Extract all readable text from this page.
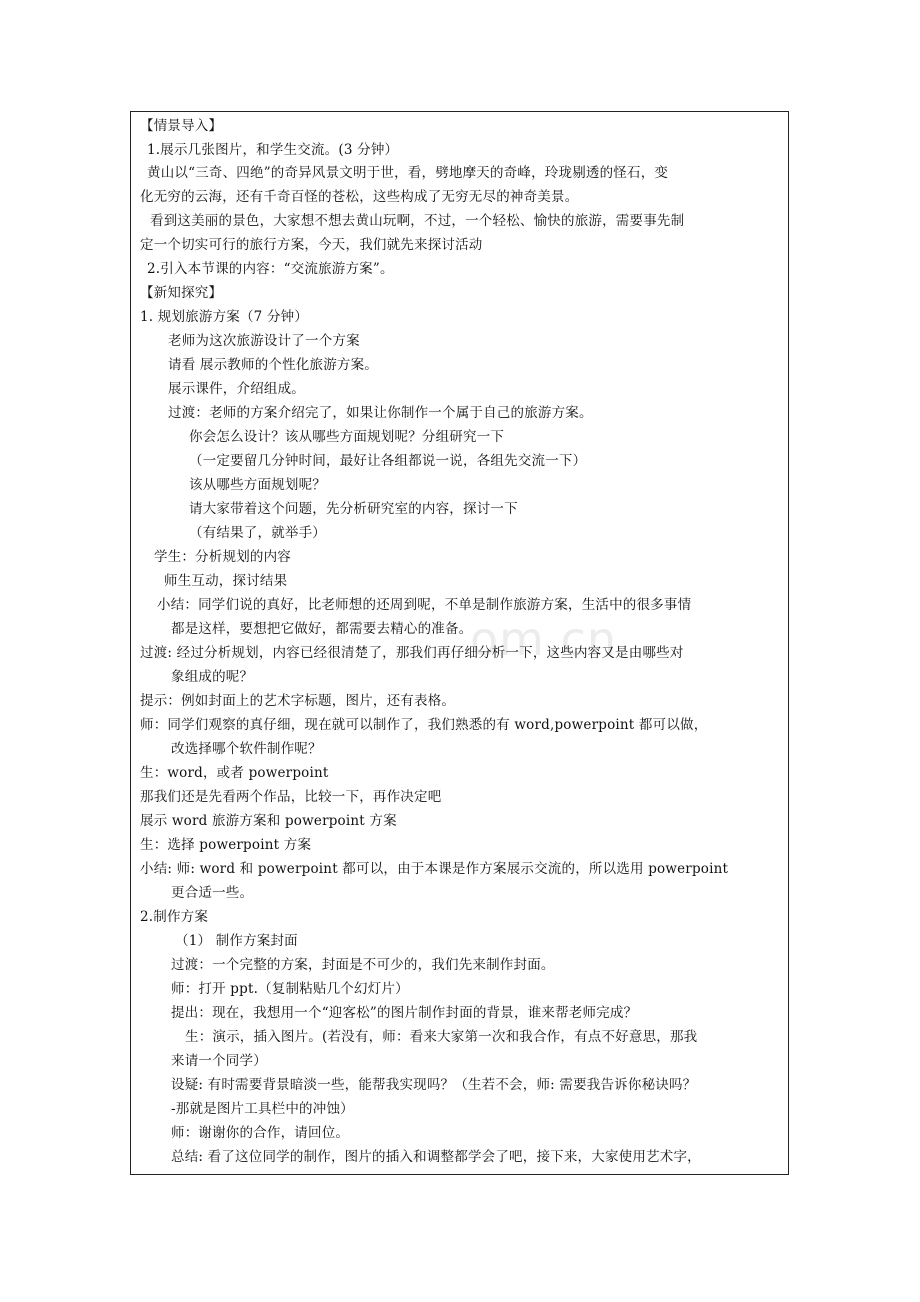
om.cn
【情景导入】
1.展示几张图片，和学生交流。(3 分钟）
黄山以“三奇、四绝”的奇异风景文明于世，看，劈地摩天的奇峰，玲珑剔透的怪石，变
化无穷的云海，还有千奇百怪的苍松，这些构成了无穷无尽的神奇美景。
看到这美丽的景色，大家想不想去黄山玩啊，不过，一个轻松、愉快的旅游，需要事先制
定一个切实可行的旅行方案，今天，我们就先来探讨活动
2.引入本节课的内容：“交流旅游方案”。
【新知探究】
1. 规划旅游方案（7 分钟）
老师为这次旅游设计了一个方案
请看 展示教师的个性化旅游方案。
展示课件，介绍组成。
过渡：老师的方案介绍完了，如果让你制作一个属于自己的旅游方案。
你会怎么设计？该从哪些方面规划呢？分组研究一下
（一定要留几分钟时间，最好让各组都说一说，各组先交流一下）
该从哪些方面规划呢？
请大家带着这个问题，先分析研究室的内容，探讨一下
（有结果了，就举手）
学生：分析规划的内容
师生互动，探讨结果
小结：同学们说的真好，比老师想的还周到呢，不单是制作旅游方案，生活中的很多事情
都是这样，要想把它做好，都需要去精心的准备。
过渡: 经过分析规划，内容已经很清楚了，那我们再仔细分析一下，这些内容又是由哪些对
象组成的呢？
提示：例如封面上的艺术字标题，图片，还有表格。
师：同学们观察的真仔细，现在就可以制作了，我们熟悉的有 word,powerpoint 都可以做，
改选择哪个软件制作呢？
生：word，或者 powerpoint
那我们还是先看两个作品，比较一下，再作决定吧
展示 word 旅游方案和 powerpoint 方案
生：选择 powerpoint 方案
小结: 师: word 和 powerpoint 都可以，由于本课是作方案展示交流的，所以选用 powerpoint
更合适一些。
2.制作方案
（1） 制作方案封面
过渡：一个完整的方案，封面是不可少的，我们先来制作封面。
师：打开 ppt.（复制粘贴几个幻灯片）
提出：现在，我想用一个“迎客松”的图片制作封面的背景，谁来帮老师完成？
生：演示，插入图片。(若没有，师：看来大家第一次和我合作，有点不好意思，那我
来请一个同学）
设疑: 有时需要背景暗淡一些，能帮我实现吗？（生若不会，师: 需要我告诉你秘诀吗？
-那就是图片工具栏中的冲蚀）
师：谢谢你的合作，请回位。
总结: 看了这位同学的制作，图片的插入和调整都学会了吧，接下来，大家使用艺术字，
